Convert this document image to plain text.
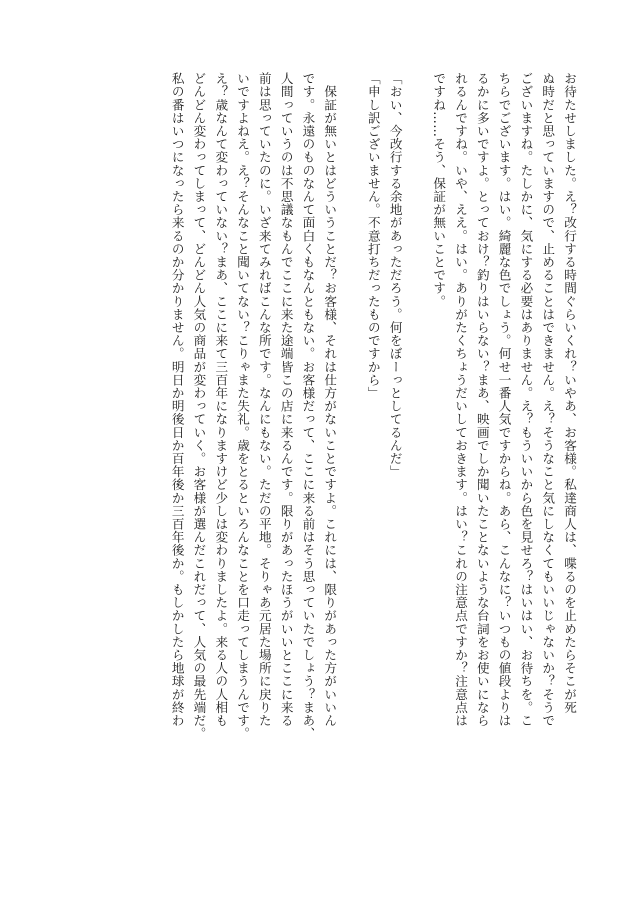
お待たせしました。え？改行する時間ぐらいくれ？いやあ、お客様。私達商人は、喋るのを止めたらそこが死
ぬ時だと思っていますので、止めることはできません。え？そうなこと気にしなくてもいいじゃないか？そうで
ございますね。たしかに、気にする必要はありません。え？もういいから色を見せろ？はいはい、お待ちを。こ
ちらでございます。はい。綺麗な色でしょう。何せ一番人気ですからね。あら、こんなに？いつもの値段よりは
るかに多いですよ。とっておけ？釣りはいらない？まあ、映画でしか聞いたことないような台詞をお使いになら
れるんですね。いや、ええ。はい。ありがたくちょうだいしておきます。はい？これの注意点ですか？注意点は
ですね……そう、保証が無いことです。
「おい、今改行する余地があっただろう。何をぼーっとしてるんだ」
「申し訳ございません。不意打ちだったものですから」
　保証が無いとはどういうことだ？お客様、それは仕方がないことですよ。これには、限りがあった方がいいん
です。永遠のものなんて面白くもなんともない。お客様だって、ここに来る前はそう思っていたでしょう？まあ、
人間っていうのは不思議なもんでここに来た途端皆この店に来るんです。限りがあったほうがいいとここに来る
前は思っていたのに。いざ来てみればこんな所です。なんにもない。ただの平地。そりゃあ元居た場所に戻りた
いですよねえ。え？そんなこと聞いてない？こりゃまた失礼。歳をとるといろんなことを口走ってしまうんです。
え？歳なんて変わっていない？まあ、ここに来て三百年になりますけど少しは変わりましたよ。来る人の人相も
どんどん変わってしまって、どんどん人気の商品が変わっていく。お客様が選んだこれだって、人気の最先端だ。
私の番はいつになったら来るのか分かりません。明日か明後日か百年後か三百年後か。もしかしたら地球が終わ
